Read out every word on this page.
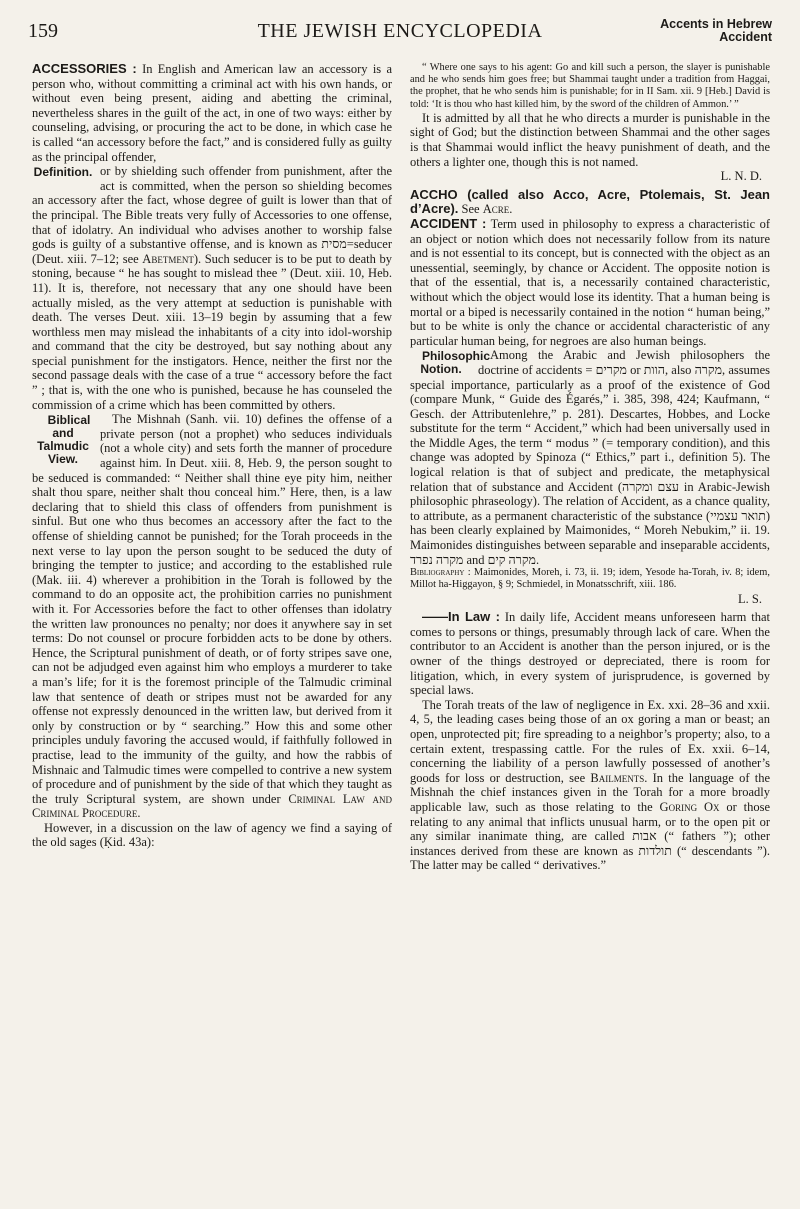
159	THE JEWISH ENCYCLOPEDIA	Accents in Hebrew
Accident

ACCESSORIES : In English and American law an accessory is a person who, without committing a criminal act with his own hands, or without even being present, aiding and abetting the criminal, nevertheless shares in the guilt of the act, in one of two ways: either by counseling, advising, or procuring the act to be done, in which case he is called “an accessory before the fact,” and is considered fully as guilty as the principal offender,

Definition. or by shielding such offender from punishment, after the act is committed, when the person so shielding becomes an accessory after the fact, whose degree of guilt is lower than that of the principal. The Bible treats very fully of Accessories to one offense, that of idolatry. An individual who advises another to worship false gods is guilty of a substantive offense, and is known as מסית=seducer (Deut. xiii. 7–12; see Abetment). Such seducer is to be put to death by stoning, because “ he has sought to mislead thee ” (Deut. xiii. 10, Heb. 11). It is, therefore, not necessary that any one should have been actually misled, as the very attempt at seduction is punishable with death. The verses Deut. xiii. 13–19 begin by assuming that a few worthless men may mislead the inhabitants of a city into idol-worship and command that the city be destroyed, but say nothing about any special punishment for the instigators. Hence, neither the first nor the second passage deals with the case of a true “ accessory before the fact ” ; that is, with the one who is punished, because he has counseled the commission of a crime which has been committed by others.

Biblical and Talmudic View.
The Mishnah (Sanh. vii. 10) defines the offense of a private person (not a prophet) who seduces individuals (not a whole city) and sets forth the manner of procedure against him. In Deut. xiii. 8, Heb. 9, the person sought to be seduced is commanded: “ Neither shall thine eye pity him, neither shalt thou spare, neither shalt thou conceal him.” Here, then, is a law declaring that to shield this class of offenders from punishment is sinful. But one who thus becomes an accessory after the fact to the offense of shielding cannot be punished; for the Torah proceeds in the next verse to lay upon the person sought to be seduced the duty of bringing the tempter to justice; and according to the established rule (Mak. iii. 4) wherever a prohibition in the Torah is followed by the command to do an opposite act, the prohibition carries no punishment with it. For Accessories before the fact to other offenses than idolatry the written law pronounces no penalty; nor does it anywhere say in set terms: Do not counsel or procure forbidden acts to be done by others. Hence, the Scriptural punishment of death, or of forty stripes save one, can not be adjudged even against him who employs a murderer to take a man’s life; for it is the foremost principle of the Talmudic criminal law that sentence of death or stripes must not be awarded for any offense not expressly denounced in the written law, but derived from it only by construction or by “ searching.” How this and some other principles unduly favoring the accused would, if faithfully followed in practise, lead to the immunity of the guilty, and how the rabbis of Mishnaic and Talmudic times were compelled to contrive a new system of procedure and of punishment by the side of that which they taught as the truly Scriptural system, are shown under Criminal Law and Criminal Procedure.

However, in a discussion on the law of agency we find a saying of the old sages (Ḳid. 43a):

“ Where one says to his agent: Go and kill such a person, the slayer is punishable and he who sends him goes free; but Shammai taught under a tradition from Haggai, the prophet, that he who sends him is punishable; for in II Sam. xii. 9 [Heb.] David is told: ‘It is thou who hast killed him, by the sword of the children of Ammon.’ ”

It is admitted by all that he who directs a murder is punishable in the sight of God; but the distinction between Shammai and the other sages is that Shammai would inflict the heavy punishment of death, and the others a lighter one, though this is not named.

L. N. D.

ACCHO (called also Acco, Acre, Ptolemais, St. Jean d’Acre). See Acre.

ACCIDENT : Term used in philosophy to express a characteristic of an object or notion which does not necessarily follow from its nature and is not essential to its concept, but is connected with the object as an unessential, seemingly, by chance or Accident. The opposite notion is that of the essential, that is, a necessarily contained characteristic, without which the object would lose its identity. That a human being is mortal or a biped is necessarily contained in the notion “ human being,” but to be white is only the chance or accidental characteristic of any particular human being, for negroes are also human beings.

Philosophic Notion.
Among the Arabic and Jewish philosophers the doctrine of accidents = מקרים or הוות, also מקרה, assumes special importance, particularly as a proof of the existence of God (compare Munk, “ Guide des Égarés,” i. 385, 398, 424; Kaufmann, “ Gesch. der Attributenlehre,” p. 281). Descartes, Hobbes, and Locke substitute for the term “ Accident,” which had been universally used in the Middle Ages, the term “ modus ” (= temporary condition), and this change was adopted by Spinoza (“ Ethics,” part i., definition 5). The logical relation is that of subject and predicate, the metaphysical relation that of substance and Accident (עצם ומקרה in Arabic-Jewish philosophic phraseology). The relation of Accident, as a chance quality, to attribute, as a permanent characteristic of the substance (תואר עצמיי) has been clearly explained by Maimonides, “ Moreh Nebukim,” ii. 19. Maimonides distinguishes between separable and inseparable accidents, מקרה נפרד and מקרה קים.

Bibliography : Maimonides, Moreh, i. 73, ii. 19; idem, Yesode ha-Torah, iv. 8; idem, Millot ha-Higgayon, § 9; Schmiedel, in Monatsschrift, xiii. 186.

L. S.

——In Law : In daily life, Accident means unforeseen harm that comes to persons or things, presumably through lack of care. When the contributor to an Accident is another than the person injured, or is the owner of the things destroyed or depreciated, there is room for litigation, which, in every system of jurisprudence, is governed by special laws.

The Torah treats of the law of negligence in Ex. xxi. 28–36 and xxii. 4, 5, the leading cases being those of an ox goring a man or beast; an open, unprotected pit; fire spreading to a neighbor’s property; also, to a certain extent, trespassing cattle. For the rules of Ex. xxii. 6–14, concerning the liability of a person lawfully possessed of another’s goods for loss or destruction, see Bailments. In the language of the Mishnah the chief instances given in the Torah for a more broadly applicable law, such as those relating to the Goring Ox or those relating to any animal that inflicts unusual harm, or to the open pit or any similar inanimate thing, are called אבות (“ fathers ”); other instances derived from these are known as תולדות (“ descendants ”). The latter may be called “ derivatives.”
